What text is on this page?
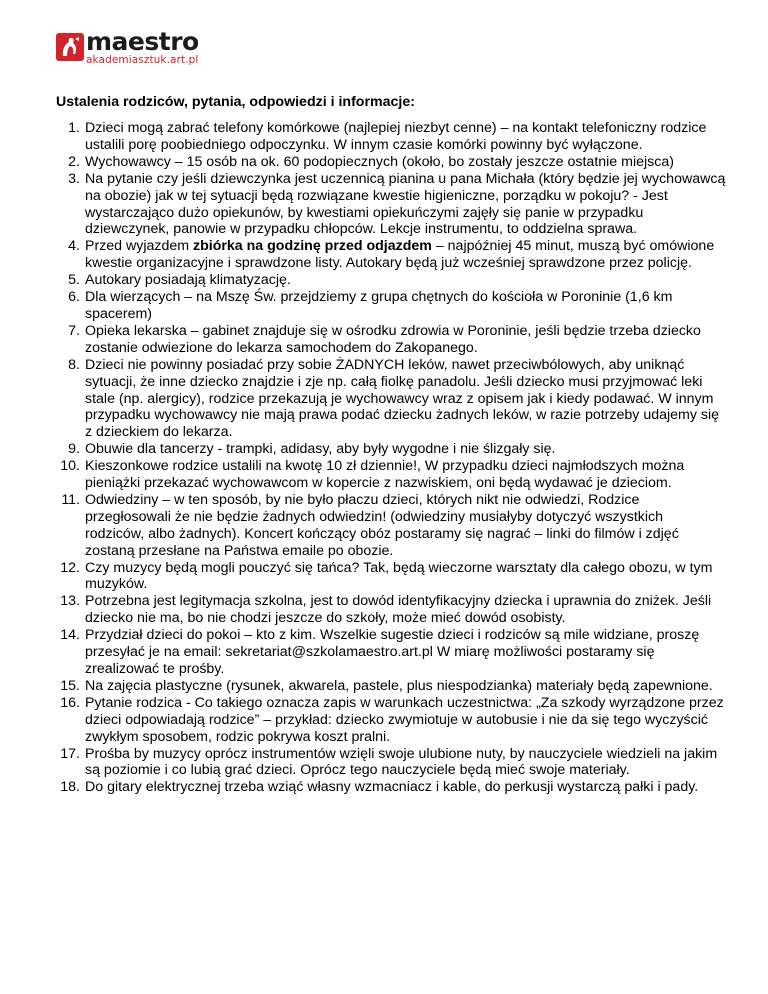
maestro
akademiasztuk.art.pl
Ustalenia rodziców, pytania, odpowiedzi i informacje:
1. Dzieci mogą zabrać telefony komórkowe (najlepiej niezbyt cenne) – na kontakt telefoniczny rodzice ustalili porę poobiedniego odpoczynku. W innym czasie komórki powinny być wyłączone.
2. Wychowawcy – 15 osób na ok. 60 podopiecznych (około, bo zostały jeszcze ostatnie miejsca)
3. Na pytanie czy jeśli dziewczynka jest uczennicą pianina u pana Michała (który będzie jej wychowawcą na obozie) jak w tej sytuacji będą rozwiązane kwestie higieniczne, porządku w pokoju? - Jest wystarczająco dużo opiekunów, by kwestiami opiekuńczymi zajęły się panie w przypadku dziewczynek, panowie w przypadku chłopców. Lekcje instrumentu, to oddzielna sprawa.
4. Przed wyjazdem zbiórka na godzinę przed odjazdem – najpóźniej 45 minut, muszą być omówione kwestie organizacyjne i sprawdzone listy. Autokary będą już wcześniej sprawdzone przez policję.
5. Autokary posiadają klimatyzację.
6. Dla wierzących – na Mszę Św. przejdziemy z grupa chętnych do kościoła w Poroninie (1,6 km spacerem)
7. Opieka lekarska – gabinet znajduje się w ośrodku zdrowia w Poroninie, jeśli będzie trzeba dziecko zostanie odwiezione do lekarza samochodem do Zakopanego.
8. Dzieci nie powinny posiadać przy sobie ŻADNYCH leków, nawet przeciwbólowych, aby uniknąć sytuacji, że inne dziecko znajdzie i zje np. całą fiolkę panadolu. Jeśli dziecko musi przyjmować leki stale (np. alergicy), rodzice przekazują je wychowawcy wraz z opisem jak i kiedy podawać. W innym przypadku wychowawcy nie mają prawa podać dziecku żadnych leków, w razie potrzeby udajemy się z dzieckiem do lekarza.
9. Obuwie dla tancerzy - trampki, adidasy, aby były wygodne i nie ślizgały się.
10. Kieszonkowe rodzice ustalili na kwotę 10 zł dziennie!, W przypadku dzieci najmłodszych można pieniążki przekazać wychowawcom w kopercie z nazwiskiem, oni będą wydawać je dzieciom.
11. Odwiedziny – w ten sposób, by nie było płaczu dzieci, których nikt nie odwiedzi, Rodzice przegłosowali że nie będzie żadnych odwiedzin! (odwiedziny musiałyby dotyczyć wszystkich rodziców, albo żadnych). Koncert kończący obóz postaramy się nagrać – linki do filmów i zdjęć zostaną przesłane na Państwa emaile po obozie.
12. Czy muzycy będą mogli pouczyć się tańca? Tak, będą wieczorne warsztaty dla całego obozu, w tym muzyków.
13. Potrzebna jest legitymacja szkolna, jest to dowód identyfikacyjny dziecka i uprawnia do zniżek. Jeśli dziecko nie ma, bo nie chodzi jeszcze do szkoły, może mieć dowód osobisty.
14. Przydział dzieci do pokoi – kto z kim. Wszelkie sugestie dzieci i rodziców są mile widziane, proszę przesyłać je na email: sekretariat@szkolamaestro.art.pl W miarę możliwości postaramy się zrealizować te prośby.
15. Na zajęcia plastyczne (rysunek, akwarela, pastele, plus niespodzianka) materiały będą zapewnione.
16. Pytanie rodzica - Co takiego oznacza zapis w warunkach uczestnictwa: „Za szkody wyrządzone przez dzieci odpowiadają rodzice” – przykład: dziecko zwymiotuje w autobusie i nie da się tego wyczyścić zwykłym sposobem, rodzic pokrywa koszt pralni.
17. Prośba by muzycy oprócz instrumentów wzięli swoje ulubione nuty, by nauczyciele wiedzieli na jakim są poziomie i co lubią grać dzieci. Oprócz tego nauczyciele będą mieć swoje materiały.
18. Do gitary elektrycznej trzeba wziąć własny wzmacniacz i kable, do perkusji wystarczą pałki i pady.
